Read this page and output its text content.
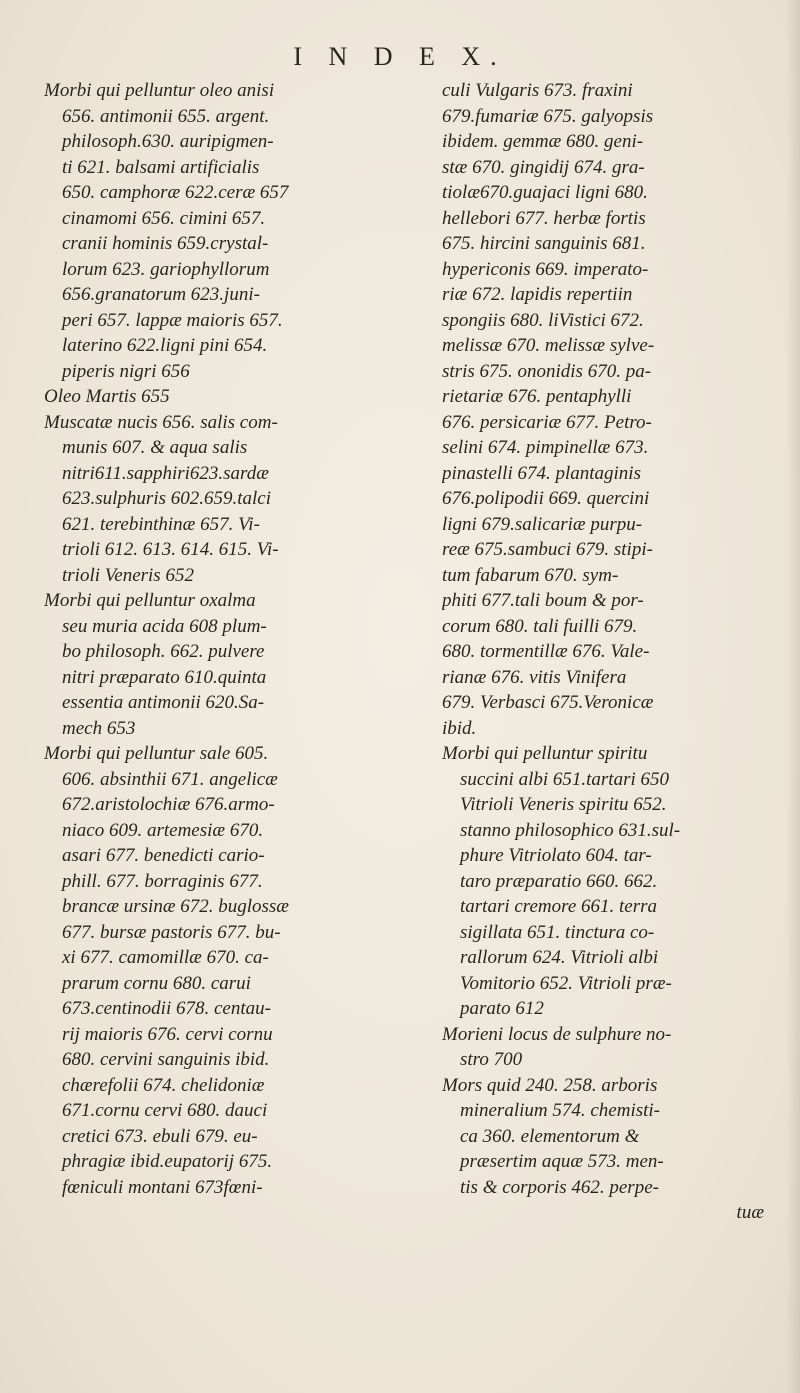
I N D E X.
Morbi qui pelluntur oleo anisi
656. antimonii 655. argent.
philosoph.630. auripigmen-
ti 621. balsami artificialis
650. camphoræ 622.ceræ 657
cinamomi 656. cimini 657.
cranii hominis 659.crystal-
lorum 623. gariophyllorum
656.granatorum 623.juni-
peri 657. lappæ maioris 657.
laterino 622.ligni pini 654.
piperis nigri 656
Oleo Martis 655
Muscatæ nucis 656. salis com-
munis 607. & aqua salis
nitri611.sapphiri623.sardæ
623.sulphuris 602.659.talci
621. terebinthinæ 657. Vi-
trioli 612. 613. 614. 615. Vi-
trioli Veneris 652
Morbi qui pelluntur oxalma
seu muria acida 608 plum-
bo philosoph. 662. pulvere
nitri præparato 610.quinta
essentia antimonii 620.Sa-
mech 653
Morbi qui pelluntur sale 605.
606. absinthii 671. angelicæ
672.aristolochiæ 676.armo-
niaco 609. artemesiæ 670.
asari 677. benedicti cario-
phill. 677. borraginis 677.
brancæ ursinæ 672. buglossæ
677. bursæ pastoris 677. bu-
xi 677. camomillæ 670. ca-
prarum cornu 680. carui
673.centinodii 678. centau-
rij maioris 676. cervi cornu
680. cervini sanguinis ibid.
chærefolii 674. chelidoniæ
671.cornu cervi 680. dauci
cretici 673. ebuli 679. eu-
phragiæ ibid.eupatorij 675.
fœniculi montani 673fœni-
culi Vulgaris 673. fraxini
679.fumariæ 675. galyopsis
ibidem. gemmæ 680. geni-
stæ 670. gingidij 674. gra-
tiolæ670.guajaci ligni 680.
hellebori 677. herbæ fortis
675. hircini sanguinis 681.
hypericonis 669. imperato-
riæ 672. lapidis repertiin
spongiis 680. liVistici 672.
melissæ 670. melissæ sylve-
stris 675. ononidis 670. pa-
rietariæ 676. pentaphylli
676. persicariæ 677. Petro-
selini 674. pimpinellæ 673.
pinastelli 674. plantaginis
676.polipodii 669. quercini
ligni 679.salicariæ purpu-
reæ 675.sambuci 679. stipi-
tum fabarum 670. sym-
phiti 677.tali boum & por-
corum 680. tali fuilli 679.
680. tormentillæ 676. Vale-
rianæ 676. vitis Vinifera
679. Verbasci 675.Veronicæ
ibid.
Morbi qui pelluntur spiritu
succini albi 651.tartari 650
Vitrioli Veneris spiritu 652.
stanno philosophico 631.sul-
phure Vitriolato 604. tar-
taro præparatio 660. 662.
tartari cremore 661. terra
sigillata 651. tinctura co-
rallorum 624. Vitrioli albi
Vomitorio 652. Vitrioli præ-
parato 612
Morieni locus de sulphure no-
stro 700
Mors quid 240. 258. arboris
mineralium 574. chemisti-
ca 360. elementorum &
præsertim aquæ 573. men-
tis & corporis 462. perpe-
tuæ
